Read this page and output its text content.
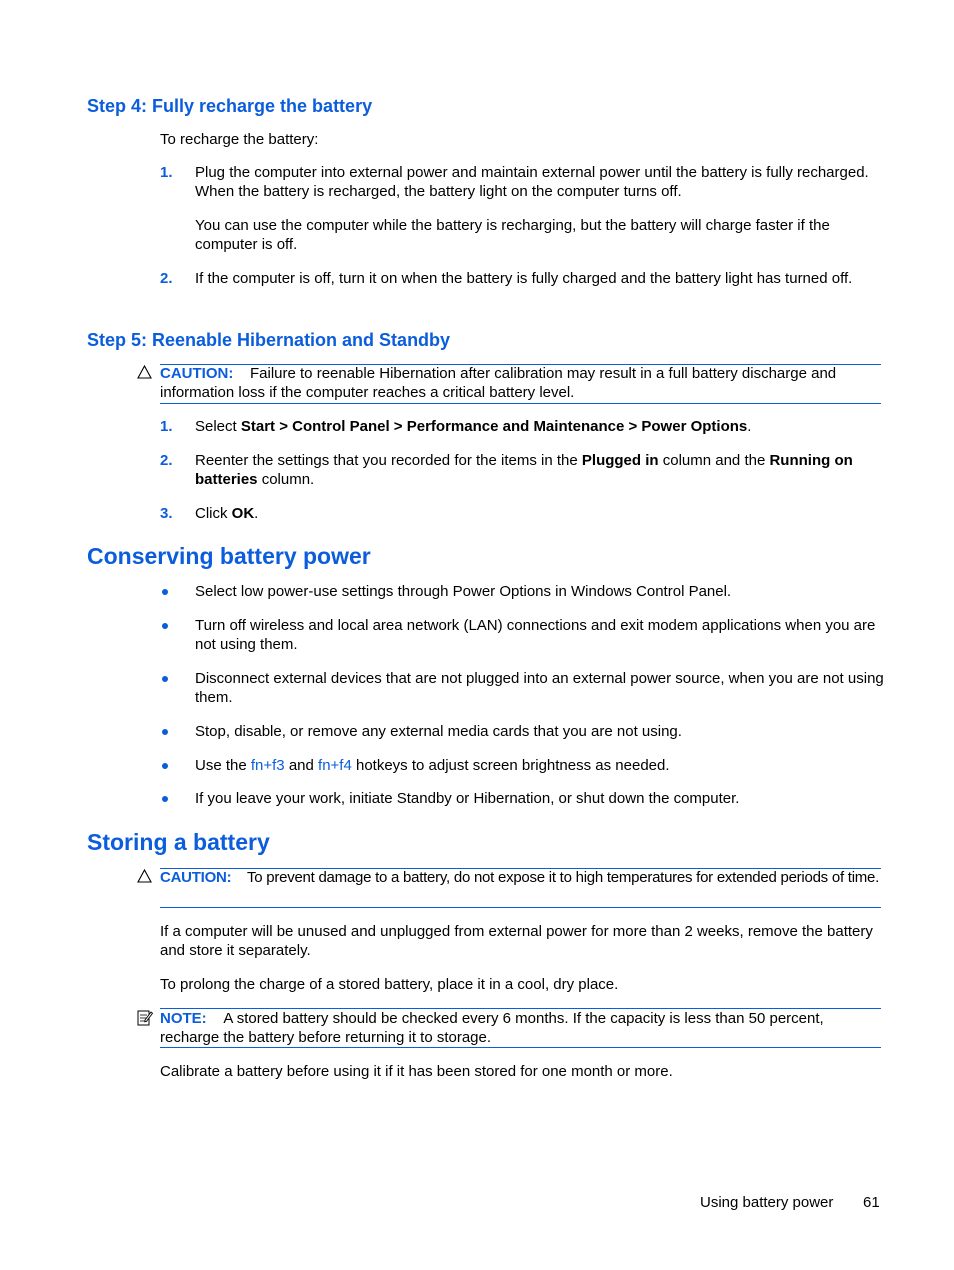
Step 4: Fully recharge the battery
To recharge the battery:
1. Plug the computer into external power and maintain external power until the battery is fully recharged. When the battery is recharged, the battery light on the computer turns off.
You can use the computer while the battery is recharging, but the battery will charge faster if the computer is off.
2. If the computer is off, turn it on when the battery is fully charged and the battery light has turned off.
Step 5: Reenable Hibernation and Standby
CAUTION: Failure to reenable Hibernation after calibration may result in a full battery discharge and information loss if the computer reaches a critical battery level.
1. Select Start > Control Panel > Performance and Maintenance > Power Options.
2. Reenter the settings that you recorded for the items in the Plugged in column and the Running on batteries column.
3. Click OK.
Conserving battery power
Select low power-use settings through Power Options in Windows Control Panel.
Turn off wireless and local area network (LAN) connections and exit modem applications when you are not using them.
Disconnect external devices that are not plugged into an external power source, when you are not using them.
Stop, disable, or remove any external media cards that you are not using.
Use the fn+f3 and fn+f4 hotkeys to adjust screen brightness as needed.
If you leave your work, initiate Standby or Hibernation, or shut down the computer.
Storing a battery
CAUTION: To prevent damage to a battery, do not expose it to high temperatures for extended periods of time.
If a computer will be unused and unplugged from external power for more than 2 weeks, remove the battery and store it separately.
To prolong the charge of a stored battery, place it in a cool, dry place.
NOTE: A stored battery should be checked every 6 months. If the capacity is less than 50 percent, recharge the battery before returning it to storage.
Calibrate a battery before using it if it has been stored for one month or more.
Using battery power 61
